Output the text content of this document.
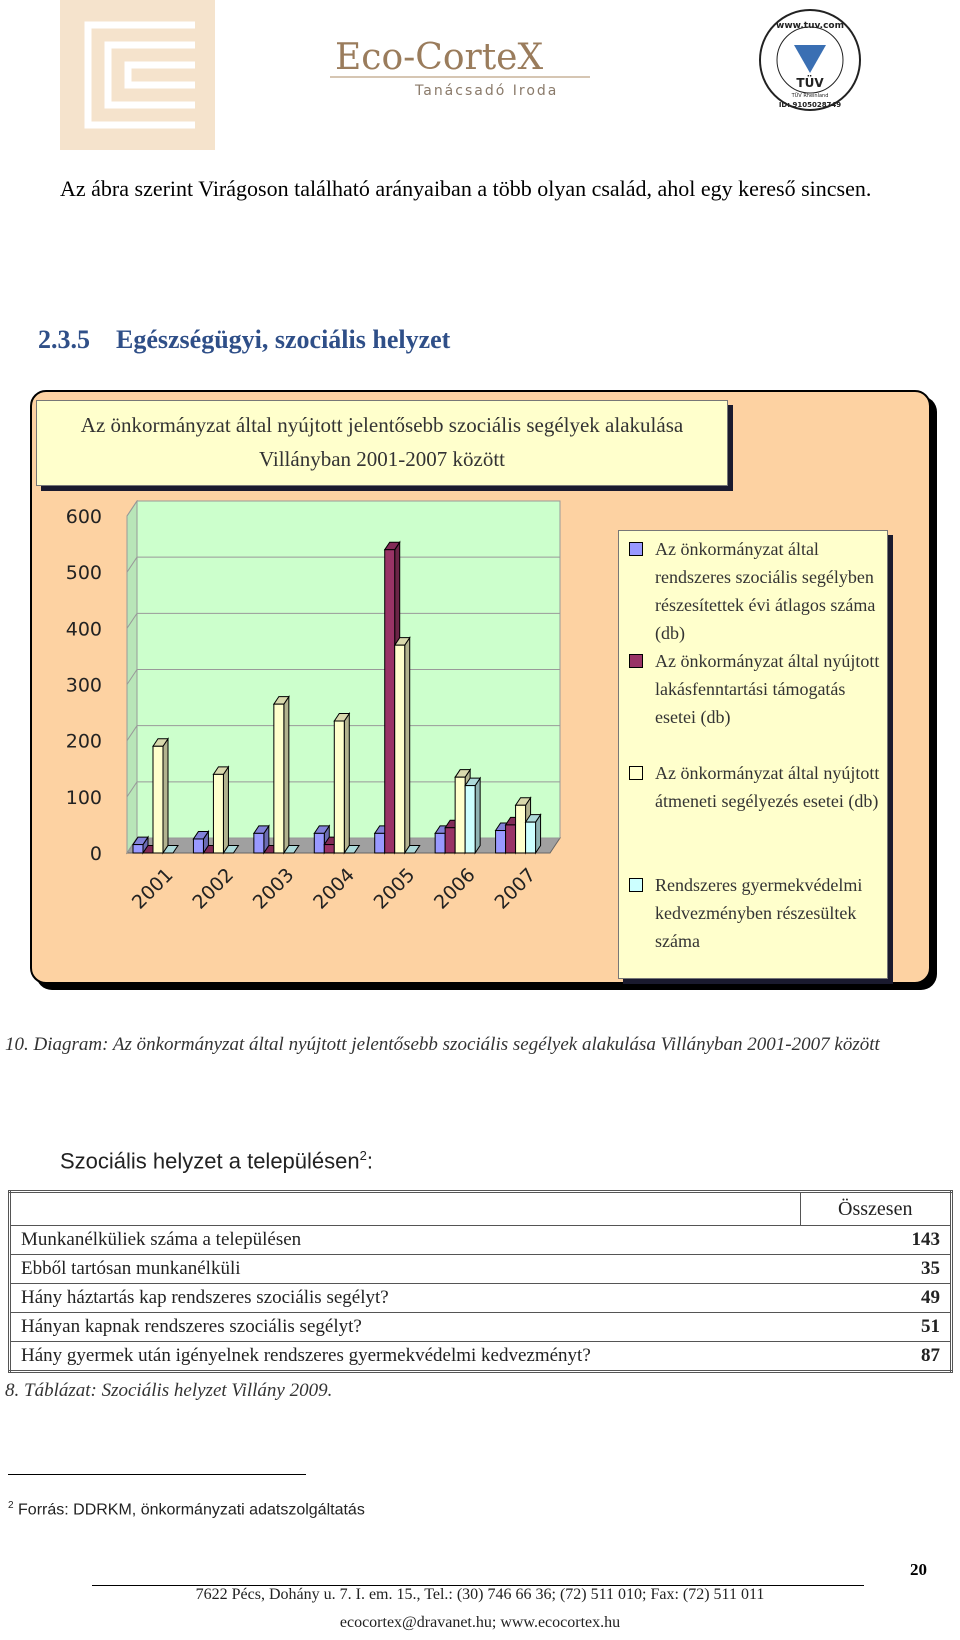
Eco-CorteX
Tanácsadó Iroda
www.tuv.com
TÜV
TÜV Rheinland
ID: 9105028749
Az ábra szerint Virágoson található arányaiban a több olyan család, ahol egy kereső sincsen.
2.3.5 Egészségügyi, szociális helyzet
Az önkormányzat által nyújtott jelentősebb szociális segélyek alakulása Villányban 2001-2007 között
0
100
200
300
400
500
600
2001 2002 2003 2004 2005 2006 2007
Az önkormányzat által rendszeres szociális segélyben részesítettek évi átlagos száma (db)
Az önkormányzat által nyújtott lakásfenntartási támogatás esetei (db)
Az önkormányzat által nyújtott átmeneti segélyezés esetei (db)
Rendszeres gyermekvédelmi kedvezményben részesültek száma
10. Diagram: Az önkormányzat által nyújtott jelentősebb szociális segélyek alakulása Villányban 2001-2007 között
Szociális helyzet a településen$^2$:
	Összesen
Munkanélküliek száma a településen	143
Ebből tartósan munkanélküli	35
Hány háztartás kap rendszeres szociális segélyt?	49
Hányan kapnak rendszeres szociális segélyt?	51
Hány gyermek után igényelnek rendszeres gyermekvédelmi kedvezményt?	87
8. Táblázat: Szociális helyzet Villány 2009.
$^2$ Forrás: DDRKM, önkormányzati adatszolgáltatás
20
7622 Pécs, Dohány u. 7. I. em. 15., Tel.: (30) 746 66 36; (72) 511 010; Fax: (72) 511 011
ecocortex@dravanet.hu; www.ecocortex.hu
